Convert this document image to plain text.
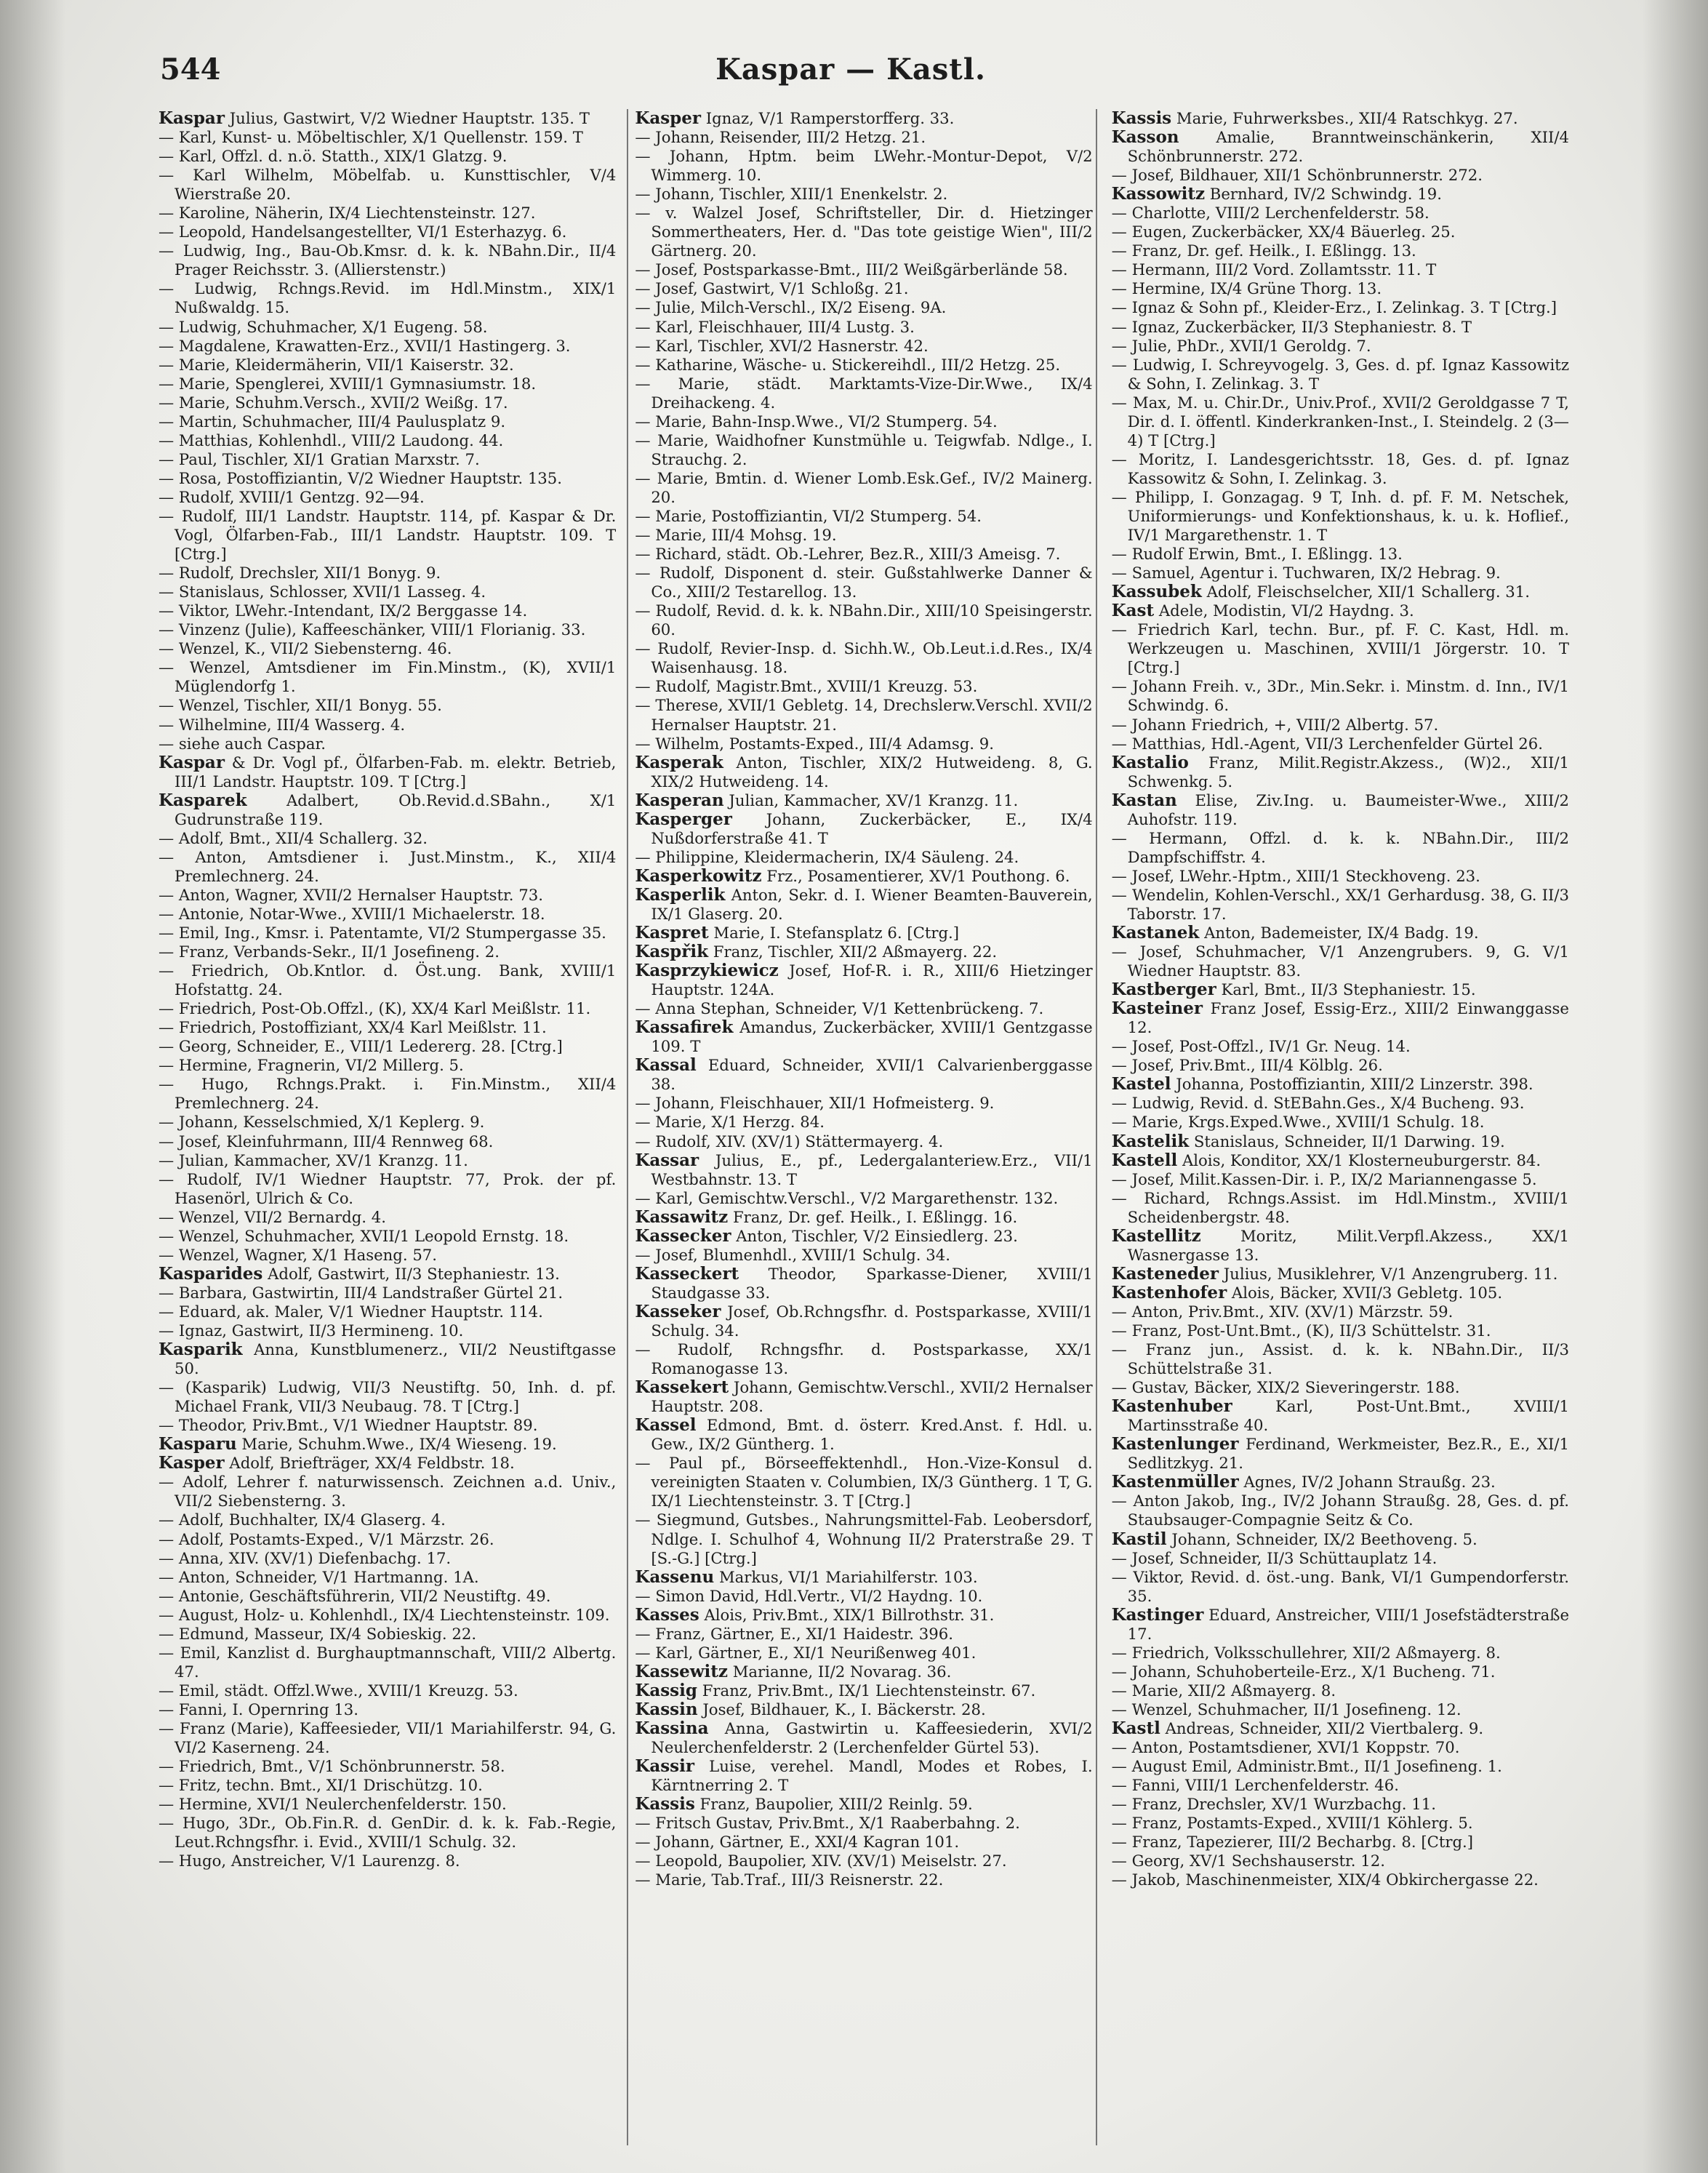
544	Kaspar — Kastl.
Kaspar Julius, Gastwirt, V/2 Wiedner Hauptstr. 135. T
— Karl, Kunst- u. Möbeltischler, X/1 Quellenstr. 159. T
— Karl, Offzl. d. n.ö. Statth., XIX/1 Glatzg. 9.
— Karl Wilhelm, Möbelfab. u. Kunsttischler, V/4 Wierstraße 20.
— Karoline, Näherin, IX/4 Liechtensteinstr. 127.
— Leopold, Handelsangestellter, VI/1 Esterhazyg. 6.
— Ludwig, Ing., Bau-Ob.Kmsr. d. k. k. NBahn.Dir., II/4 Prager Reichsstr. 3. (Allierstenstr.)
— Ludwig, Rchngs.Revid. im Hdl.Minstm., XIX/1 Nußwaldg. 15.
— Ludwig, Schuhmacher, X/1 Eugeng. 58.
— Magdalene, Krawatten-Erz., XVII/1 Hastingerg. 3.
— Marie, Kleidermäherin, VII/1 Kaiserstr. 32.
— Marie, Spenglerei, XVIII/1 Gymnasiumstr. 18.
— Marie, Schuhm.Versch., XVII/2 Weißg. 17.
— Martin, Schuhmacher, III/4 Paulusplatz 9.
— Matthias, Kohlenhdl., VIII/2 Laudong. 44.
— Paul, Tischler, XI/1 Gratian Marxstr. 7.
— Rosa, Postoffiziantin, V/2 Wiedner Hauptstr. 135.
— Rudolf, XVIII/1 Gentzg. 92—94.
— Rudolf, III/1 Landstr. Hauptstr. 114, pf. Kaspar & Dr. Vogl, Ölfarben-Fab., III/1 Landstr. Hauptstr. 109. T [Ctrg.]
— Rudolf, Drechsler, XII/1 Bonyg. 9.
— Stanislaus, Schlosser, XVII/1 Lasseg. 4.
— Viktor, LWehr.-Intendant, IX/2 Berggasse 14.
— Vinzenz (Julie), Kaffeeschänker, VIII/1 Florianig. 33.
— Wenzel, K., VII/2 Siebensterng. 46.
— Wenzel, Amtsdiener im Fin.Minstm., (K), XVII/1 Müglendorfg 1.
— Wenzel, Tischler, XII/1 Bonyg. 55.
— Wilhelmine, III/4 Wasserg. 4.
— siehe auch Caspar.
Kaspar & Dr. Vogl pf., Ölfarben-Fab. m. elektr. Betrieb, III/1 Landstr. Hauptstr. 109. T [Ctrg.]
Kasparek Adalbert, Ob.Revid.d.SBahn., X/1 Gudrunstraße 119.
— Adolf, Bmt., XII/4 Schallerg. 32.
— Anton, Amtsdiener i. Just.Minstm., K., XII/4 Premlechnerg. 24.
— Anton, Wagner, XVII/2 Hernalser Hauptstr. 73.
— Antonie, Notar-Wwe., XVIII/1 Michaelerstr. 18.
— Emil, Ing., Kmsr. i. Patentamte, VI/2 Stumpergasse 35.
— Franz, Verbands-Sekr., II/1 Josefineng. 2.
— Friedrich, Ob.Kntlor. d. Öst.ung. Bank, XVIII/1 Hofstattg. 24.
— Friedrich, Post-Ob.Offzl., (K), XX/4 Karl Meißlstr. 11.
— Friedrich, Postoffiziant, XX/4 Karl Meißlstr. 11.
— Georg, Schneider, E., VIII/1 Ledererg. 28. [Ctrg.]
— Hermine, Fragnerin, VI/2 Millerg. 5.
— Hugo, Rchngs.Prakt. i. Fin.Minstm., XII/4 Premlechnerg. 24.
— Johann, Kesselschmied, X/1 Keplerg. 9.
— Josef, Kleinfuhrmann, III/4 Rennweg 68.
— Julian, Kammacher, XV/1 Kranzg. 11.
— Rudolf, IV/1 Wiedner Hauptstr. 77, Prok. der pf. Hasenörl, Ulrich & Co.
— Wenzel, VII/2 Bernardg. 4.
— Wenzel, Schuhmacher, XVII/1 Leopold Ernstg. 18.
— Wenzel, Wagner, X/1 Haseng. 57.
Kasparides Adolf, Gastwirt, II/3 Stephaniestr. 13.
— Barbara, Gastwirtin, III/4 Landstraßer Gürtel 21.
— Eduard, ak. Maler, V/1 Wiedner Hauptstr. 114.
— Ignaz, Gastwirt, II/3 Hermineng. 10.
Kasparik Anna, Kunstblumenerz., VII/2 Neustiftgasse 50.
— (Kasparik) Ludwig, VII/3 Neustiftg. 50, Inh. d. pf. Michael Frank, VII/3 Neubaug. 78. T [Ctrg.]
— Theodor, Priv.Bmt., V/1 Wiedner Hauptstr. 89.
Kasparu Marie, Schuhm.Wwe., IX/4 Wieseng. 19.
Kasper Adolf, Briefträger, XX/4 Feldbstr. 18.
— Adolf, Lehrer f. naturwissensch. Zeichnen a.d. Univ., VII/2 Siebensterng. 3.
— Adolf, Buchhalter, IX/4 Glaserg. 4.
— Adolf, Postamts-Exped., V/1 Märzstr. 26.
— Anna, XIV. (XV/1) Diefenbachg. 17.
— Anton, Schneider, V/1 Hartmanng. 1A.
— Antonie, Geschäftsführerin, VII/2 Neustiftg. 49.
— August, Holz- u. Kohlenhdl., IX/4 Liechtensteinstr. 109.
— Edmund, Masseur, IX/4 Sobieskig. 22.
— Emil, Kanzlist d. Burghauptmannschaft, VIII/2 Albertg. 47.
— Emil, städt. Offzl.Wwe., XVIII/1 Kreuzg. 53.
— Fanni, I. Opernring 13.
— Franz (Marie), Kaffeesieder, VII/1 Mariahilferstr. 94, G. VI/2 Kaserneng. 24.
— Friedrich, Bmt., V/1 Schönbrunnerstr. 58.
— Fritz, techn. Bmt., XI/1 Drischützg. 10.
— Hermine, XVI/1 Neulerchenfelderstr. 150.
— Hugo, 3Dr., Ob.Fin.R. d. GenDir. d. k. k. Fab.-Regie, Leut.Rchngsfhr. i. Evid., XVIII/1 Schulg. 32.
— Hugo, Anstreicher, V/1 Laurenzg. 8.
Kasper Ignaz, V/1 Ramperstorfferg. 33.
— Johann, Reisender, III/2 Hetzg. 21.
— Johann, Hptm. beim LWehr.-Montur-Depot, V/2 Wimmerg. 10.
— Johann, Tischler, XIII/1 Enenkelstr. 2.
— v. Walzel Josef, Schriftsteller, Dir. d. Hietzinger Sommertheaters, Her. d. "Das tote geistige Wien", III/2 Gärtnerg. 20.
— Josef, Postsparkasse-Bmt., III/2 Weißgärberlände 58.
— Josef, Gastwirt, V/1 Schloßg. 21.
— Julie, Milch-Verschl., IX/2 Eiseng. 9A.
— Karl, Fleischhauer, III/4 Lustg. 3.
— Karl, Tischler, XVI/2 Hasnerstr. 42.
— Katharine, Wäsche- u. Stickereihdl., III/2 Hetzg. 25.
— Marie, städt. Marktamts-Vize-Dir.Wwe., IX/4 Dreihackeng. 4.
— Marie, Bahn-Insp.Wwe., VI/2 Stumperg. 54.
— Marie, Waidhofner Kunstmühle u. Teigwfab. Ndlge., I. Strauchg. 2.
— Marie, Bmtin. d. Wiener Lomb.Esk.Gef., IV/2 Mainerg. 20.
— Marie, Postoffiziantin, VI/2 Stumperg. 54.
— Marie, III/4 Mohsg. 19.
— Richard, städt. Ob.-Lehrer, Bez.R., XIII/3 Ameisg. 7.
— Rudolf, Disponent d. steir. Gußstahlwerke Danner & Co., XIII/2 Testarellog. 13.
— Rudolf, Revid. d. k. k. NBahn.Dir., XIII/10 Speisingerstr. 60.
— Rudolf, Revier-Insp. d. Sichh.W., Ob.Leut.i.d.Res., IX/4 Waisenhausg. 18.
— Rudolf, Magistr.Bmt., XVIII/1 Kreuzg. 53.
— Therese, XVII/1 Gebletg. 14, Drechslerw.Verschl. XVII/2 Hernalser Hauptstr. 21.
— Wilhelm, Postamts-Exped., III/4 Adamsg. 9.
Kasperak Anton, Tischler, XIX/2 Hutweideng. 8, G. XIX/2 Hutweideng. 14.
Kasperan Julian, Kammacher, XV/1 Kranzg. 11.
Kasperger Johann, Zuckerbäcker, E., IX/4 Nußdorferstraße 41. T
— Philippine, Kleidermacherin, IX/4 Säuleng. 24.
Kasperkowitz Frz., Posamentierer, XV/1 Pouthong. 6.
Kasperlik Anton, Sekr. d. I. Wiener Beamten-Bauverein, IX/1 Glaserg. 20.
Kaspret Marie, I. Stefansplatz 6. [Ctrg.]
Kaspřik Franz, Tischler, XII/2 Aßmayerg. 22.
Kasprzykiewicz Josef, Hof-R. i. R., XIII/6 Hietzinger Hauptstr. 124A.
— Anna Stephan, Schneider, V/1 Kettenbrückeng. 7.
Kassafirek Amandus, Zuckerbäcker, XVIII/1 Gentzgasse 109. T
Kassal Eduard, Schneider, XVII/1 Calvarienberggasse 38.
— Johann, Fleischhauer, XII/1 Hofmeisterg. 9.
— Marie, X/1 Herzg. 84.
— Rudolf, XIV. (XV/1) Stättermayerg. 4.
Kassar Julius, E., pf., Ledergalanteriew.Erz., VII/1 Westbahnstr. 13. T
— Karl, Gemischtw.Verschl., V/2 Margarethenstr. 132.
Kassawitz Franz, Dr. gef. Heilk., I. Eßlingg. 16.
Kassecker Anton, Tischler, V/2 Einsiedlerg. 23.
— Josef, Blumenhdl., XVIII/1 Schulg. 34.
Kasseckert Theodor, Sparkasse-Diener, XVIII/1 Staudgasse 33.
Kasseker Josef, Ob.Rchngsfhr. d. Postsparkasse, XVIII/1 Schulg. 34.
— Rudolf, Rchngsfhr. d. Postsparkasse, XX/1 Romanogasse 13.
Kassekert Johann, Gemischtw.Verschl., XVII/2 Hernalser Hauptstr. 208.
Kassel Edmond, Bmt. d. österr. Kred.Anst. f. Hdl. u. Gew., IX/2 Güntherg. 1.
— Paul pf., Börseeffektenhdl., Hon.-Vize-Konsul d. vereinigten Staaten v. Columbien, IX/3 Güntherg. 1 T, G. IX/1 Liechtensteinstr. 3. T [Ctrg.]
— Siegmund, Gutsbes., Nahrungsmittel-Fab. Leobersdorf, Ndlge. I. Schulhof 4, Wohnung II/2 Praterstraße 29. T [S.-G.] [Ctrg.]
Kassenu Markus, VI/1 Mariahilferstr. 103.
— Simon David, Hdl.Vertr., VI/2 Haydng. 10.
Kasses Alois, Priv.Bmt., XIX/1 Billrothstr. 31.
— Franz, Gärtner, E., XI/1 Haidestr. 396.
— Karl, Gärtner, E., XI/1 Neurißenweg 401.
Kassewitz Marianne, II/2 Novarag. 36.
Kassig Franz, Priv.Bmt., IX/1 Liechtensteinstr. 67.
Kassin Josef, Bildhauer, K., I. Bäckerstr. 28.
Kassina Anna, Gastwirtin u. Kaffeesiederin, XVI/2 Neulerchenfelderstr. 2 (Lerchenfelder Gürtel 53).
Kassir Luise, verehel. Mandl, Modes et Robes, I. Kärntnerring 2. T
Kassis Franz, Baupolier, XIII/2 Reinlg. 59.
— Fritsch Gustav, Priv.Bmt., X/1 Raaberbahng. 2.
— Johann, Gärtner, E., XXI/4 Kagran 101.
— Leopold, Baupolier, XIV. (XV/1) Meiselstr. 27.
— Marie, Tab.Traf., III/3 Reisnerstr. 22.
Kassis Marie, Fuhrwerksbes., XII/4 Ratschkyg. 27.
Kasson Amalie, Branntweinschänkerin, XII/4 Schönbrunnerstr. 272.
— Josef, Bildhauer, XII/1 Schönbrunnerstr. 272.
Kassowitz Bernhard, IV/2 Schwindg. 19.
— Charlotte, VIII/2 Lerchenfelderstr. 58.
— Eugen, Zuckerbäcker, XX/4 Bäuerleg. 25.
— Franz, Dr. gef. Heilk., I. Eßlingg. 13.
— Hermann, III/2 Vord. Zollamtsstr. 11. T
— Hermine, IX/4 Grüne Thorg. 13.
— Ignaz & Sohn pf., Kleider-Erz., I. Zelinkag. 3. T [Ctrg.]
— Ignaz, Zuckerbäcker, II/3 Stephaniestr. 8. T
— Julie, PhDr., XVII/1 Geroldg. 7.
— Ludwig, I. Schreyvogelg. 3, Ges. d. pf. Ignaz Kassowitz & Sohn, I. Zelinkag. 3. T
— Max, M. u. Chir.Dr., Univ.Prof., XVII/2 Geroldgasse 7 T, Dir. d. I. öffentl. Kinderkranken-Inst., I. Steindelg. 2 (3—4) T [Ctrg.]
— Moritz, I. Landesgerichtsstr. 18, Ges. d. pf. Ignaz Kassowitz & Sohn, I. Zelinkag. 3.
— Philipp, I. Gonzagag. 9 T, Inh. d. pf. F. M. Netschek, Uniformierungs- und Konfektionshaus, k. u. k. Hoflief., IV/1 Margarethenstr. 1. T
— Rudolf Erwin, Bmt., I. Eßlingg. 13.
— Samuel, Agentur i. Tuchwaren, IX/2 Hebrag. 9.
Kassubek Adolf, Fleischselcher, XII/1 Schallerg. 31.
Kast Adele, Modistin, VI/2 Haydng. 3.
— Friedrich Karl, techn. Bur., pf. F. C. Kast, Hdl. m. Werkzeugen u. Maschinen, XVIII/1 Jörgerstr. 10. T [Ctrg.]
— Johann Freih. v., 3Dr., Min.Sekr. i. Minstm. d. Inn., IV/1 Schwindg. 6.
— Johann Friedrich, +, VIII/2 Albertg. 57.
— Matthias, Hdl.-Agent, VII/3 Lerchenfelder Gürtel 26.
Kastalio Franz, Milit.Registr.Akzess., (W)2., XII/1 Schwenkg. 5.
Kastan Elise, Ziv.Ing. u. Baumeister-Wwe., XIII/2 Auhofstr. 119.
— Hermann, Offzl. d. k. k. NBahn.Dir., III/2 Dampfschiffstr. 4.
— Josef, LWehr.-Hptm., XIII/1 Steckhoveng. 23.
— Wendelin, Kohlen-Verschl., XX/1 Gerhardusg. 38, G. II/3 Taborstr. 17.
Kastanek Anton, Bademeister, IX/4 Badg. 19.
— Josef, Schuhmacher, V/1 Anzengrubers. 9, G. V/1 Wiedner Hauptstr. 83.
Kastberger Karl, Bmt., II/3 Stephaniestr. 15.
Kasteiner Franz Josef, Essig-Erz., XIII/2 Einwanggasse 12.
— Josef, Post-Offzl., IV/1 Gr. Neug. 14.
— Josef, Priv.Bmt., III/4 Kölblg. 26.
Kastel Johanna, Postoffiziantin, XIII/2 Linzerstr. 398.
— Ludwig, Revid. d. StEBahn.Ges., X/4 Bucheng. 93.
— Marie, Krgs.Exped.Wwe., XVIII/1 Schulg. 18.
Kastelik Stanislaus, Schneider, II/1 Darwing. 19.
Kastell Alois, Konditor, XX/1 Klosterneuburgerstr. 84.
— Josef, Milit.Kassen-Dir. i. P., IX/2 Mariannengasse 5.
— Richard, Rchngs.Assist. im Hdl.Minstm., XVIII/1 Scheidenbergstr. 48.
Kastellitz Moritz, Milit.Verpfl.Akzess., XX/1 Wasnergasse 13.
Kasteneder Julius, Musiklehrer, V/1 Anzengruberg. 11.
Kastenhofer Alois, Bäcker, XVII/3 Gebletg. 105.
— Anton, Priv.Bmt., XIV. (XV/1) Märzstr. 59.
— Franz, Post-Unt.Bmt., (K), II/3 Schüttelstr. 31.
— Franz jun., Assist. d. k. k. NBahn.Dir., II/3 Schüttelstraße 31.
— Gustav, Bäcker, XIX/2 Sieveringerstr. 188.
Kastenhuber Karl, Post-Unt.Bmt., XVIII/1 Martinsstraße 40.
Kastenlunger Ferdinand, Werkmeister, Bez.R., E., XI/1 Sedlitzkyg. 21.
Kastenmüller Agnes, IV/2 Johann Straußg. 23.
— Anton Jakob, Ing., IV/2 Johann Straußg. 28, Ges. d. pf. Staubsauger-Compagnie Seitz & Co.
Kastil Johann, Schneider, IX/2 Beethoveng. 5.
— Josef, Schneider, II/3 Schüttauplatz 14.
— Viktor, Revid. d. öst.-ung. Bank, VI/1 Gumpendorferstr. 35.
Kastinger Eduard, Anstreicher, VIII/1 Josefstädterstraße 17.
— Friedrich, Volksschullehrer, XII/2 Aßmayerg. 8.
— Johann, Schuhoberteile-Erz., X/1 Bucheng. 71.
— Marie, XII/2 Aßmayerg. 8.
— Wenzel, Schuhmacher, II/1 Josefineng. 12.
Kastl Andreas, Schneider, XII/2 Viertbalerg. 9.
— Anton, Postamtsdiener, XVI/1 Koppstr. 70.
— August Emil, Administr.Bmt., II/1 Josefineng. 1.
— Fanni, VIII/1 Lerchenfelderstr. 46.
— Franz, Drechsler, XV/1 Wurzbachg. 11.
— Franz, Postamts-Exped., XVIII/1 Köhlerg. 5.
— Franz, Tapezierer, III/2 Becharbg. 8. [Ctrg.]
— Georg, XV/1 Sechshauserstr. 12.
— Jakob, Maschinenmeister, XIX/4 Obkirchergasse 22.
